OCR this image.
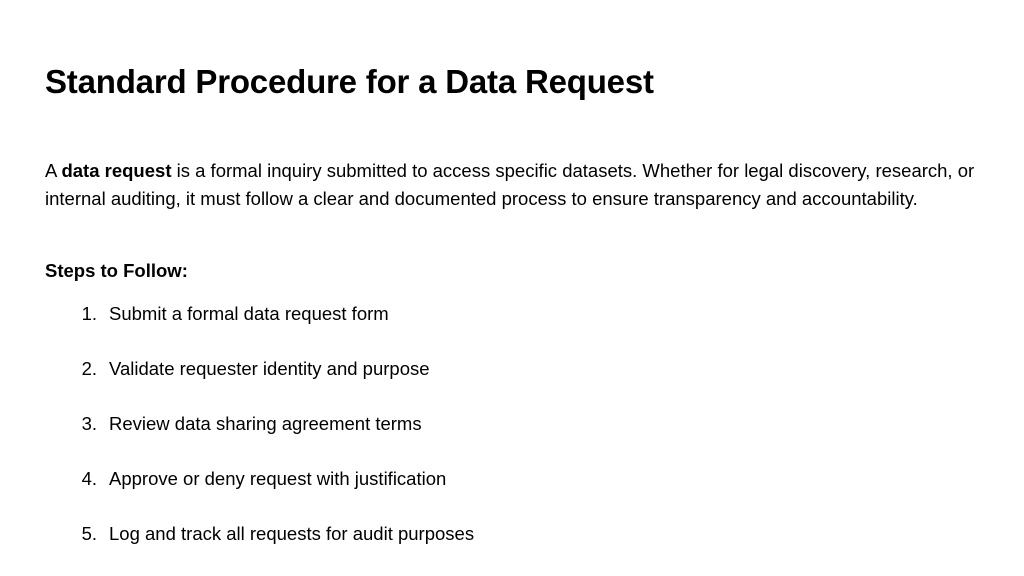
Standard Procedure for a Data Request

A data request is a formal inquiry submitted to access specific datasets. Whether for legal discovery, research, or internal auditing, it must follow a clear and documented process to ensure transparency and accountability.

Steps to Follow:

1. Submit a formal data request form
2. Validate requester identity and purpose
3. Review data sharing agreement terms
4. Approve or deny request with justification
5. Log and track all requests for audit purposes
